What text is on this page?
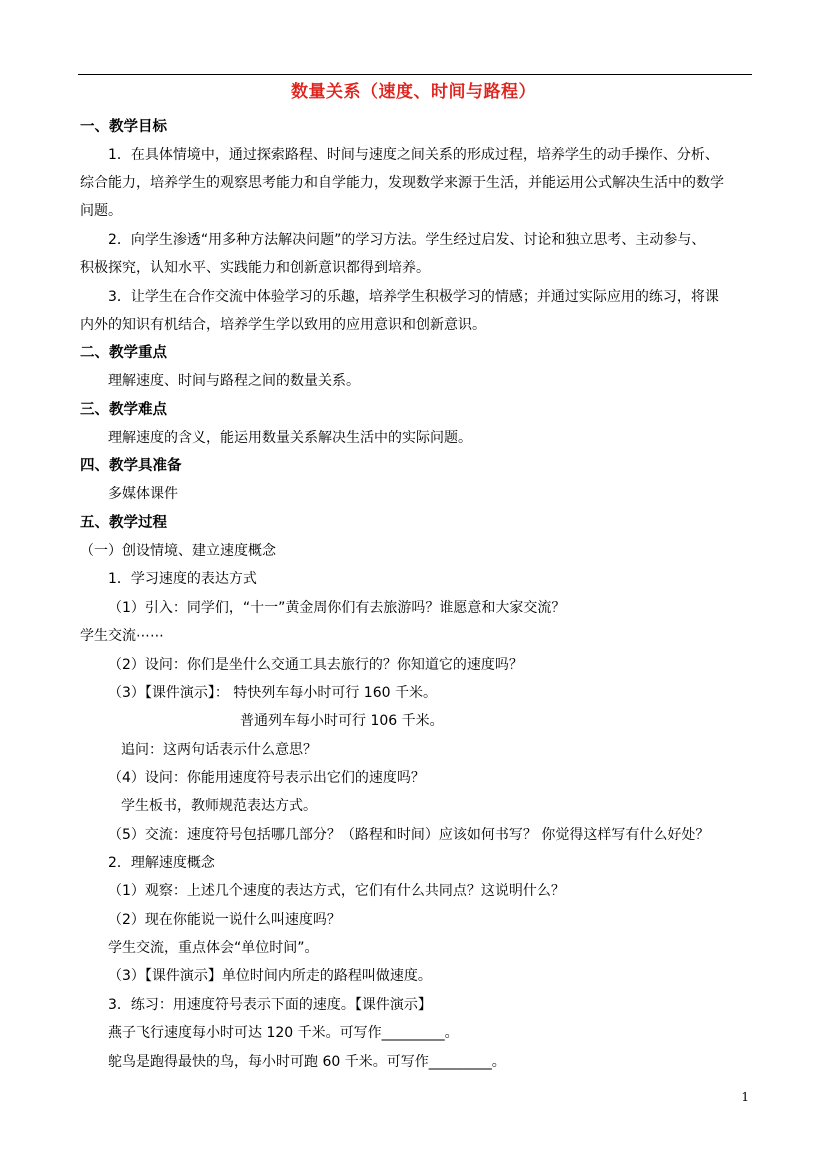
数量关系（速度、时间与路程）
一、教学目标
1．在具体情境中，通过探索路程、时间与速度之间关系的形成过程，培养学生的动手操作、分析、
综合能力，培养学生的观察思考能力和自学能力，发现数学来源于生活，并能运用公式解决生活中的数学
问题。
2．向学生渗透“用多种方法解决问题”的学习方法。学生经过启发、讨论和独立思考、主动参与、
积极探究，认知水平、实践能力和创新意识都得到培养。
3．让学生在合作交流中体验学习的乐趣，培养学生积极学习的情感；并通过实际应用的练习，将课
内外的知识有机结合，培养学生学以致用的应用意识和创新意识。
二、教学重点
理解速度、时间与路程之间的数量关系。
三、教学难点
理解速度的含义，能运用数量关系解决生活中的实际问题。
四、教学具准备
多媒体课件
五、教学过程
（一）创设情境、建立速度概念
1．学习速度的表达方式
（1）引入：同学们，“十一”黄金周你们有去旅游吗？谁愿意和大家交流？
学生交流⋯⋯
（2）设问：你们是坐什么交通工具去旅行的？你知道它的速度吗？
（3）【课件演示】： 特快列车每小时可行 160 千米。
普通列车每小时可行 106 千米。
追问：这两句话表示什么意思？
（4）设问：你能用速度符号表示出它们的速度吗？
学生板书，教师规范表达方式。
（5）交流：速度符号包括哪几部分？（路程和时间）应该如何书写？ 你觉得这样写有什么好处？
2．理解速度概念
（1）观察：上述几个速度的表达方式，它们有什么共同点？这说明什么？
（2）现在你能说一说什么叫速度吗？
学生交流，重点体会“单位时间”。
（3）【课件演示】单位时间内所走的路程叫做速度。
3．练习：用速度符号表示下面的速度。【课件演示】
燕子飞行速度每小时可达 120 千米。可写作_________。
鸵鸟是跑得最快的鸟，每小时可跑 60 千米。可写作_________。
1
